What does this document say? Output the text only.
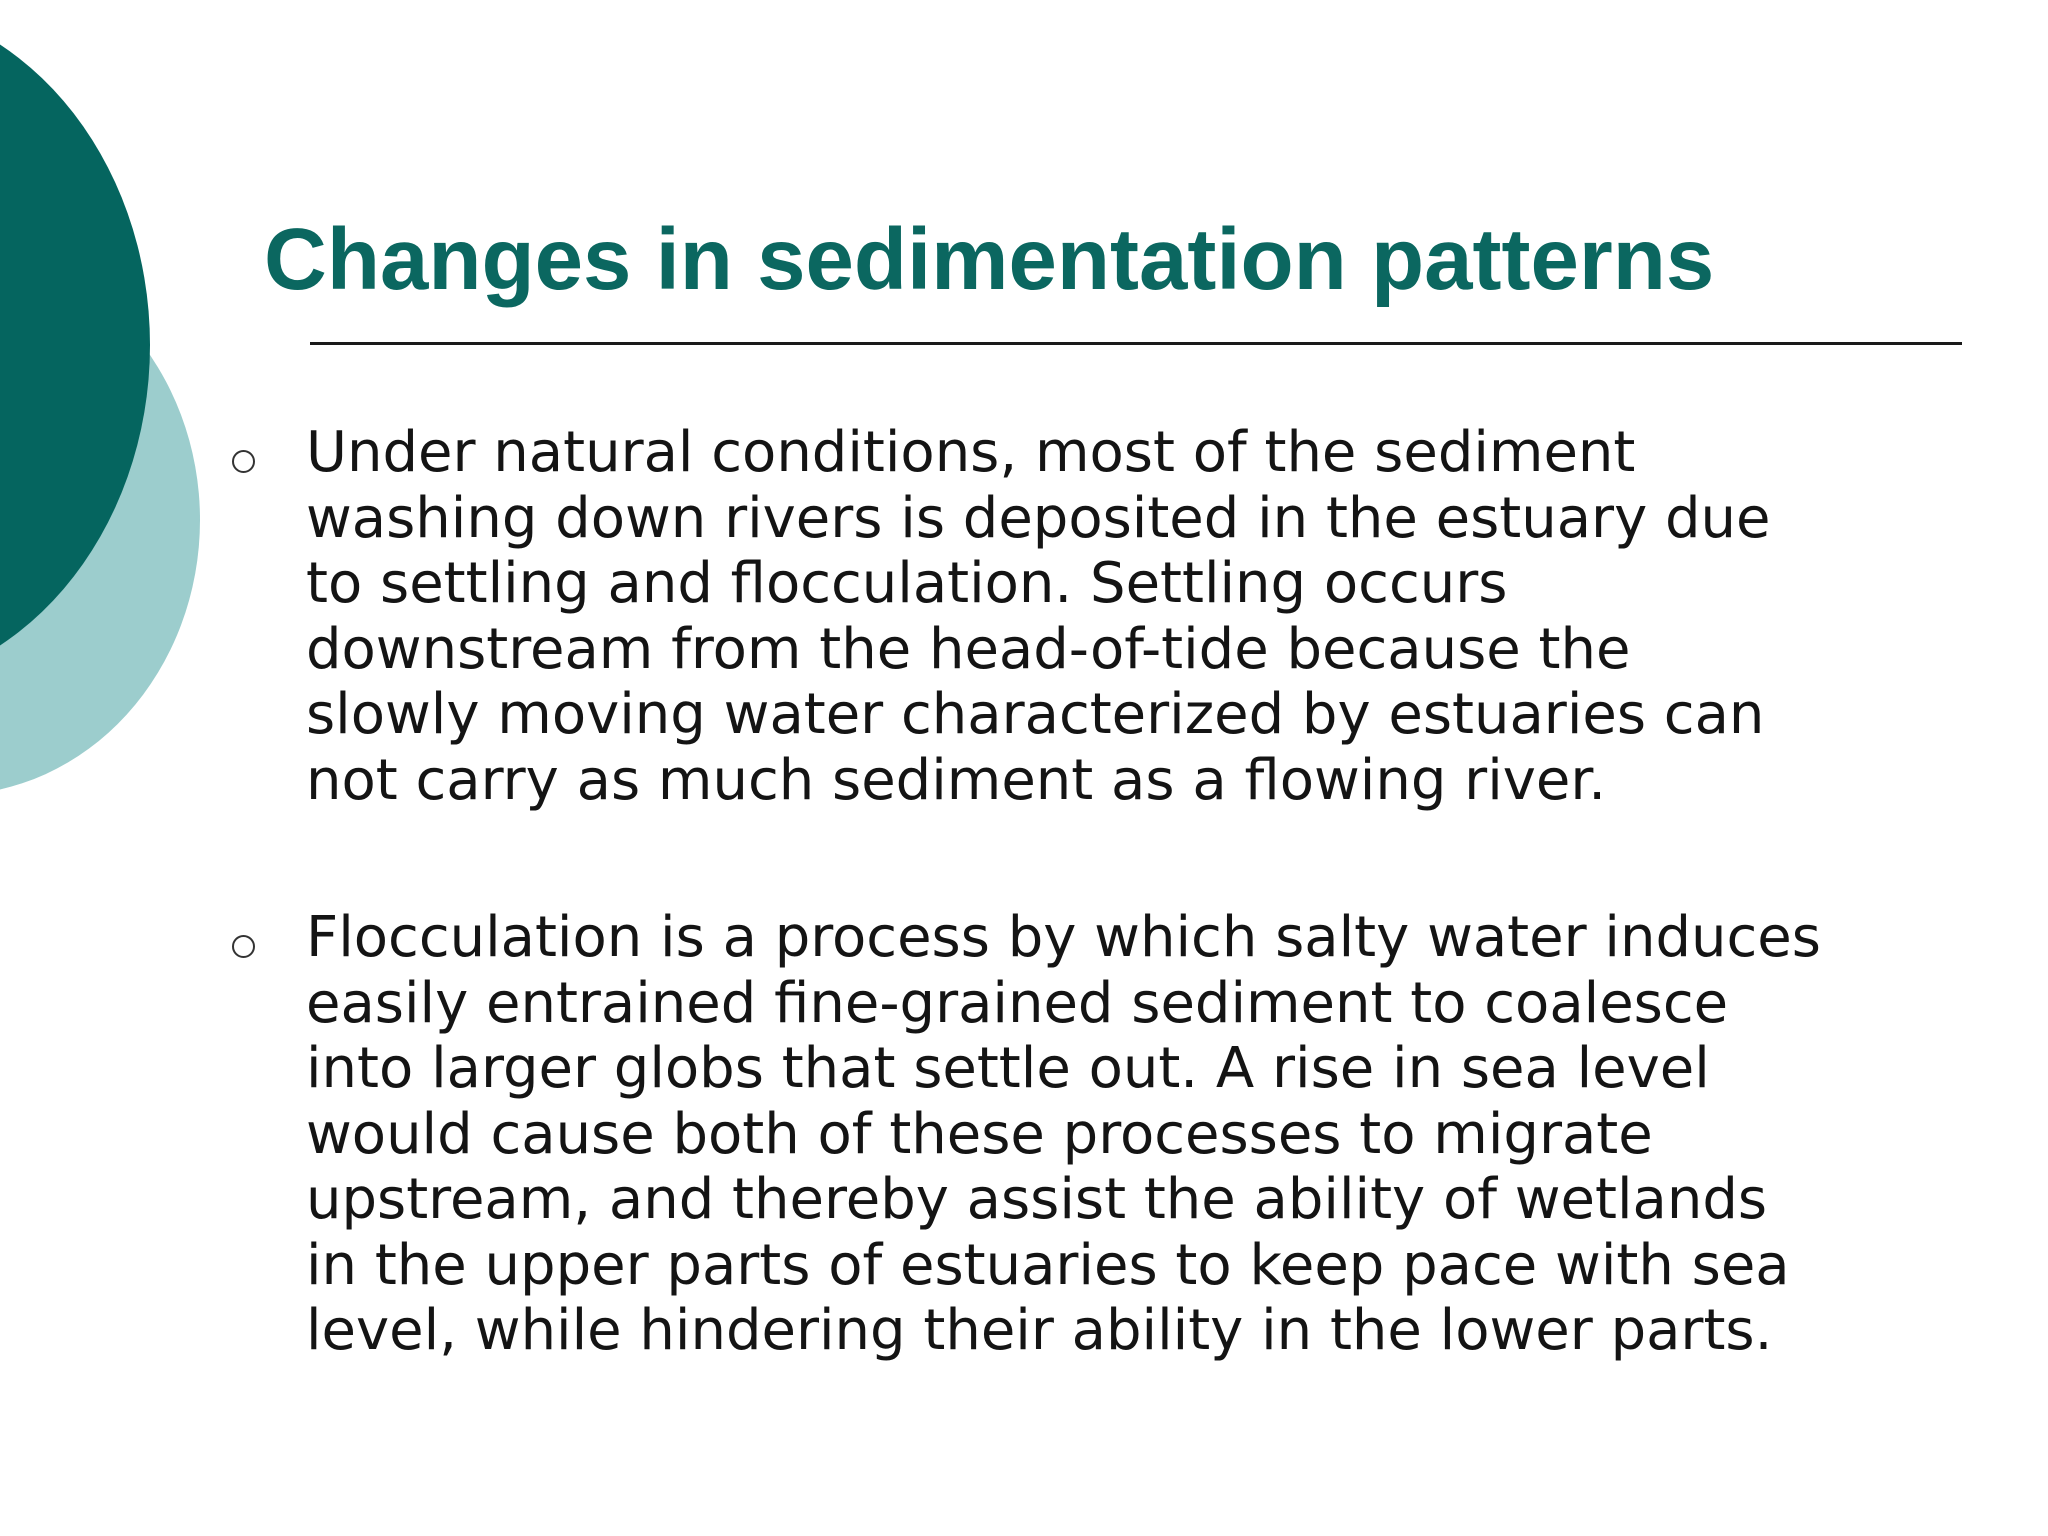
Changes in sedimentation patterns

Under natural conditions, most of the sediment
washing down rivers is deposited in the estuary due
to settling and flocculation. Settling occurs
downstream from the head-of-tide because the
slowly moving water characterized by estuaries can
not carry as much sediment as a flowing river.

Flocculation is a process by which salty water induces
easily entrained fine-grained sediment to coalesce
into larger globs that settle out. A rise in sea level
would cause both of these processes to migrate
upstream, and thereby assist the ability of wetlands
in the upper parts of estuaries to keep pace with sea
level, while hindering their ability in the lower parts.
